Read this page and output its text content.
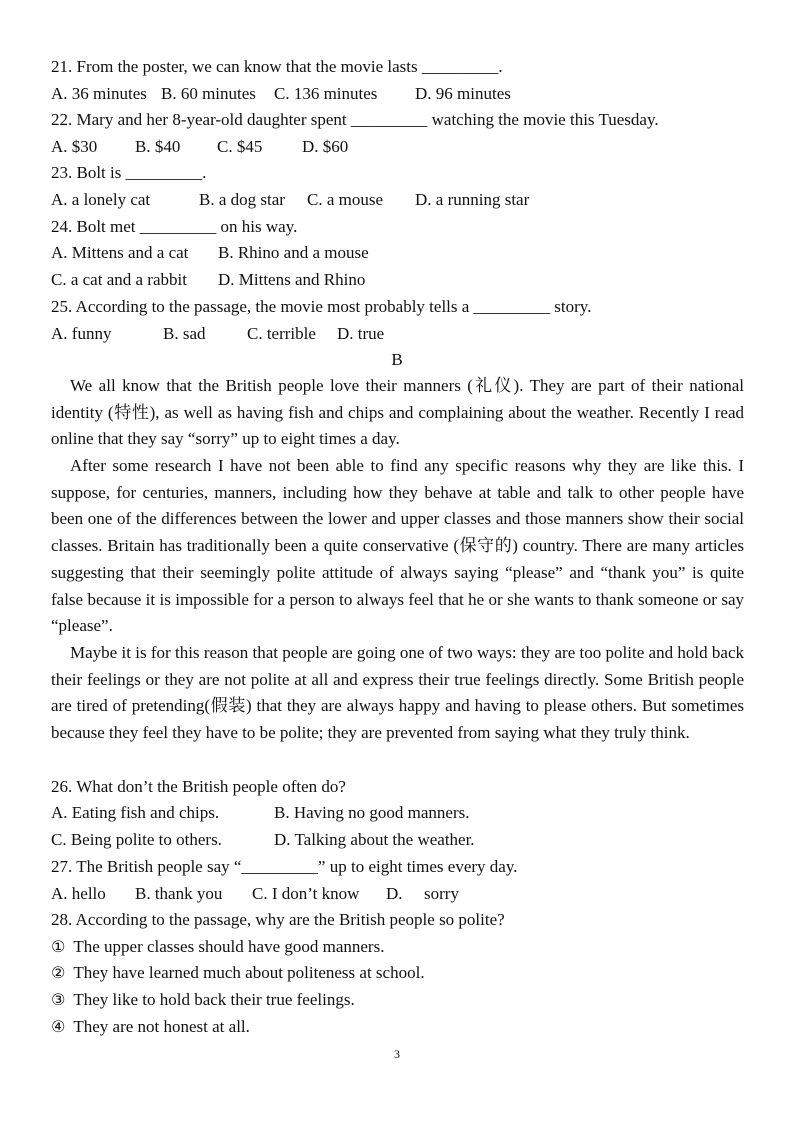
21. From the poster, we can know that the movie lasts _________.
A. 36 minutes B. 60 minutes C. 136 minutes D. 96 minutes
22. Mary and her 8-year-old daughter spent _________ watching the movie this Tuesday.
A. $30 B. $40 C. $45 D. $60
23. Bolt is _________.
A. a lonely cat	B. a dog star C. a mouse D. a running star
24. Bolt met _________ on his way.
A. Mittens and a cat B. Rhino and a mouse
C. a cat and a rabbit D. Mittens and Rhino
25. According to the passage, the movie most probably tells a _________ story.
A. funny	B. sad C. terrible D. true
B
We all know that the British people love their manners (礼仪). They are part of their national identity (特性), as well as having fish and chips and complaining about the weather. Recently I read online that they say “sorry” up to eight times a day.
After some research I have not been able to find any specific reasons why they are like this. I suppose, for centuries, manners, including how they behave at table and talk to other people have been one of the differences between the lower and upper classes and those manners show their social classes. Britain has traditionally been a quite conservative (保守的) country. There are many articles suggesting that their seemingly polite attitude of always saying “please” and “thank you” is quite false because it is impossible for a person to always feel that he or she wants to thank someone or say “please”.
Maybe it is for this reason that people are going one of two ways: they are too polite and hold back their feelings or they are not polite at all and express their true feelings directly. Some British people are tired of pretending(假装) that they are always happy and having to please others. But sometimes because they feel they have to be polite; they are prevented from saying what they truly think.
26. What don’t the British people often do?
A. Eating fish and chips.	B. Having no good manners.
C. Being polite to others.	D. Talking about the weather.
27. The British people say “_________” up to eight times every day.
A. hello B. thank you C. I don’t know D. sorry
28. According to the passage, why are the British people so polite?
① The upper classes should have good manners.
② They have learned much about politeness at school.
③ They like to hold back their true feelings.
④ They are not honest at all.
3
